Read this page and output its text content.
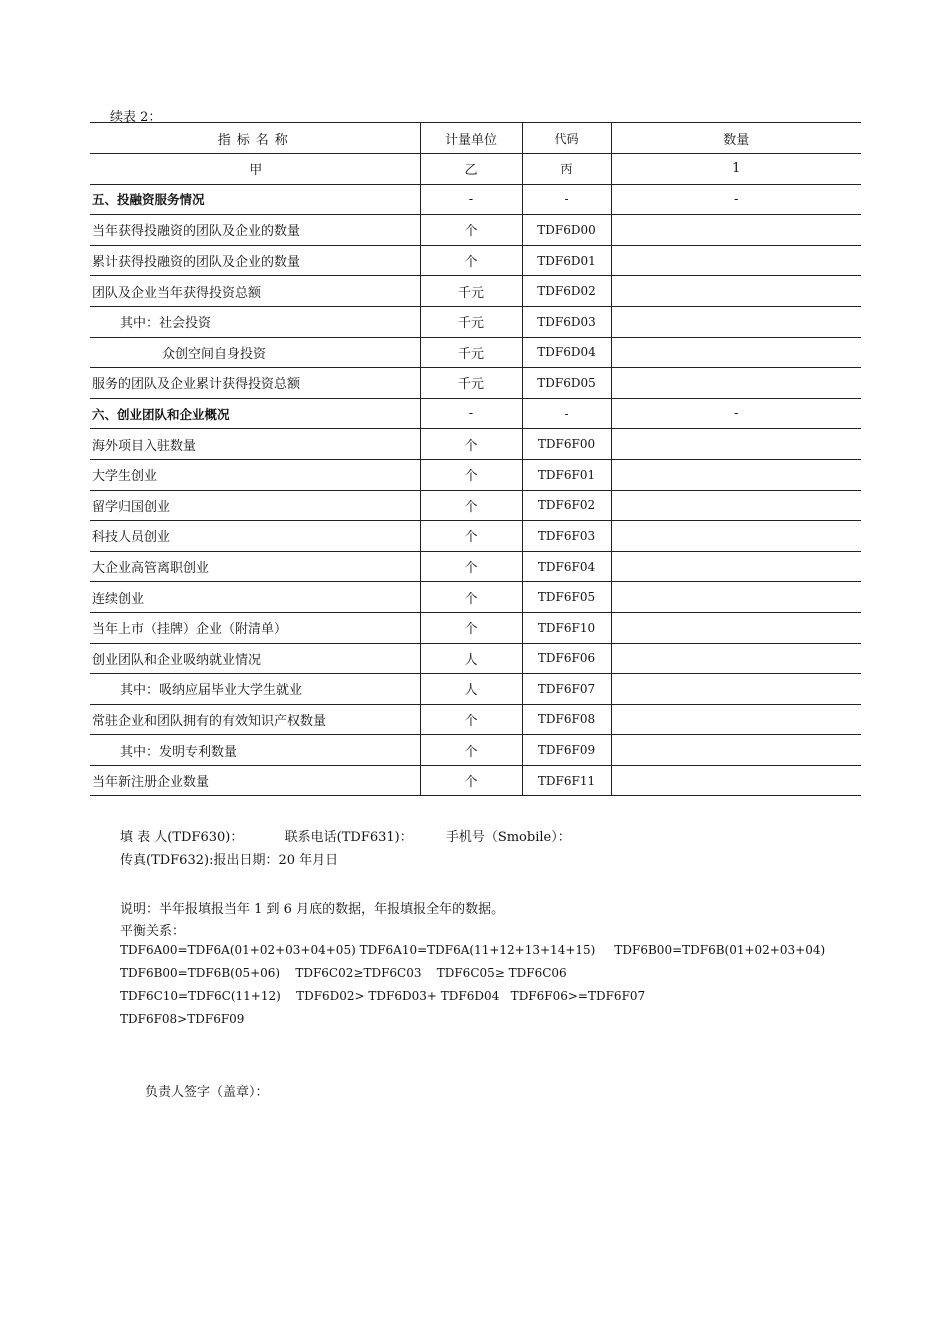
续表 2：
指标名称	计量单位	代码	数量
甲	乙	丙	1
五、投融资服务情况	-	-	-
当年获得投融资的团队及企业的数量	个	TDF6D00	
累计获得投融资的团队及企业的数量	个	TDF6D01	
团队及企业当年获得投资总额	千元	TDF6D02	
其中：社会投资	千元	TDF6D03	
众创空间自身投资	千元	TDF6D04	
服务的团队及企业累计获得投资总额	千元	TDF6D05	
六、创业团队和企业概况	-	-	-
海外项目入驻数量	个	TDF6F00	
大学生创业	个	TDF6F01	
留学归国创业	个	TDF6F02	
科技人员创业	个	TDF6F03	
大企业高管离职创业	个	TDF6F04	
连续创业	个	TDF6F05	
当年上市（挂牌）企业（附清单）	个	TDF6F10	
创业团队和企业吸纳就业情况	人	TDF6F06	
其中：吸纳应届毕业大学生就业	人	TDF6F07	
常驻企业和团队拥有的有效知识产权数量	个	TDF6F08	
其中：发明专利数量	个	TDF6F09	
当年新注册企业数量	个	TDF6F11	
填 表 人(TDF630)：	联系电话(TDF631)：	手机号（Smobile）：
传真(TDF632):报出日期：20 年月日
说明：半年报填报当年 1 到 6 月底的数据，年报填报全年的数据。
平衡关系：
TDF6A00=TDF6A(01+02+03+04+05) TDF6A10=TDF6A(11+12+13+14+15)     TDF6B00=TDF6B(01+02+03+04)
TDF6B00=TDF6B(05+06)    TDF6C02≥TDF6C03    TDF6C05≥ TDF6C06
TDF6C10=TDF6C(11+12)    TDF6D02> TDF6D03+ TDF6D04   TDF6F06>=TDF6F07
TDF6F08>TDF6F09
负责人签字（盖章）：
